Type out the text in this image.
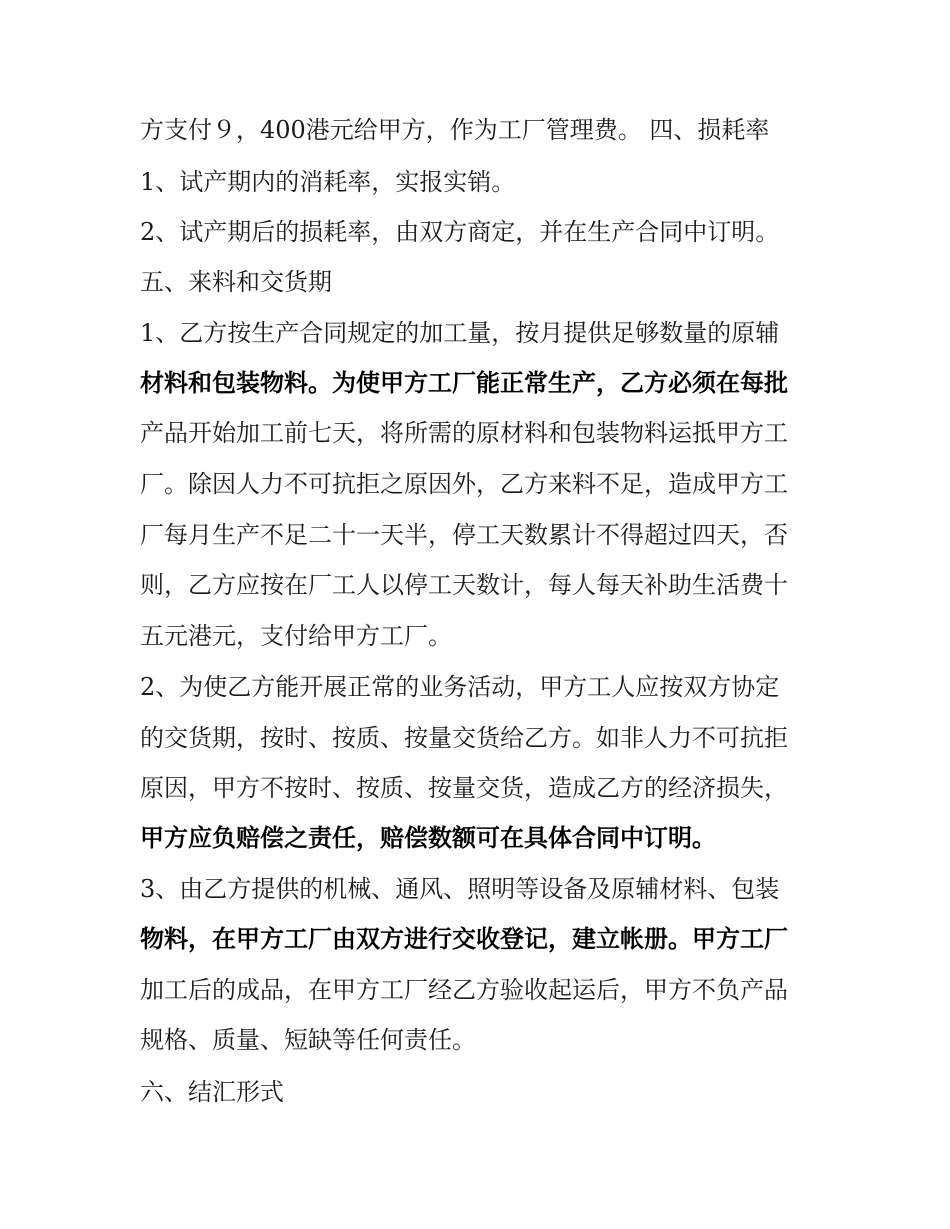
方支付９，400港元给甲方，作为工厂管理费。 四、损耗率
1、试产期内的消耗率，实报实销。
2、试产期后的损耗率，由双方商定，并在生产合同中订明。
五、来料和交货期
1、乙方按生产合同规定的加工量，按月提供足够数量的原辅
材料和包装物料。为使甲方工厂能正常生产，乙方必须在每批
产品开始加工前七天，将所需的原材料和包装物料运抵甲方工
厂。除因人力不可抗拒之原因外，乙方来料不足，造成甲方工
厂每月生产不足二十一天半，停工天数累计不得超过四天，否
则，乙方应按在厂工人以停工天数计，每人每天补助生活费十
五元港元，支付给甲方工厂。
2、为使乙方能开展正常的业务活动，甲方工人应按双方协定
的交货期，按时、按质、按量交货给乙方。如非人力不可抗拒
原因，甲方不按时、按质、按量交货，造成乙方的经济损失，
甲方应负赔偿之责任，赔偿数额可在具体合同中订明。
3、由乙方提供的机械、通风、照明等设备及原辅材料、包装
物料，在甲方工厂由双方进行交收登记，建立帐册。甲方工厂
加工后的成品，在甲方工厂经乙方验收起运后，甲方不负产品
规格、质量、短缺等任何责任。
六、结汇形式
